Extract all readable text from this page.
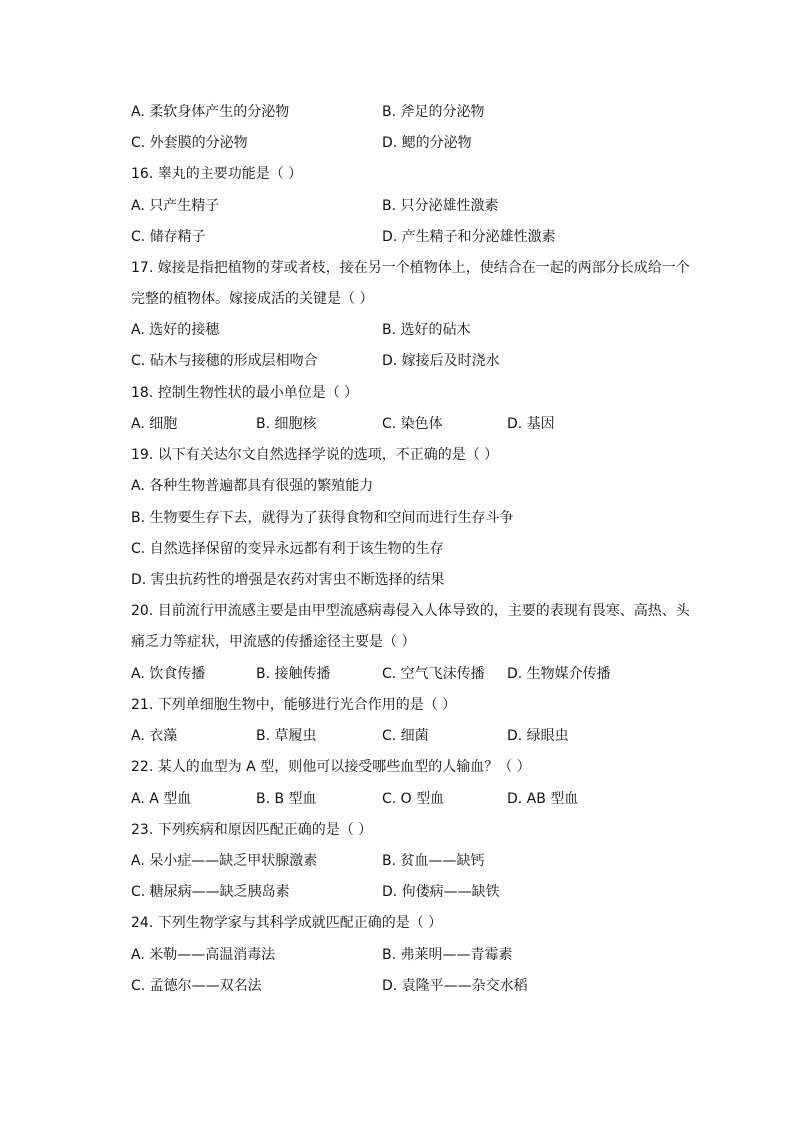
A. 柔软身体产生的分泌物	B. 斧足的分泌物
C. 外套膜的分泌物	D. 鳃的分泌物
16. 睾丸的主要功能是（ ）
A. 只产生精子	B. 只分泌雄性激素
C. 储存精子	D. 产生精子和分泌雄性激素
17. 嫁接是指把植物的芽或者枝，接在另一个植物体上，使结合在一起的两部分长成给一个
完整的植物体。嫁接成活的关键是（ ）
A. 选好的接穗	B. 选好的砧木
C. 砧木与接穗的形成层相吻合	D. 嫁接后及时浇水
18. 控制生物性状的最小单位是（ ）
A. 细胞	B. 细胞核	C. 染色体	D. 基因
19. 以下有关达尔文自然选择学说的选项，不正确的是（ ）
A. 各种生物普遍都具有很强的繁殖能力
B. 生物要生存下去，就得为了获得食物和空间而进行生存斗争
C. 自然选择保留的变异永远都有利于该生物的生存
D. 害虫抗药性的增强是农药对害虫不断选择的结果
20. 目前流行甲流感主要是由甲型流感病毒侵入人体导致的，主要的表现有畏寒、高热、头
痛乏力等症状，甲流感的传播途径主要是（ ）
A. 饮食传播	B. 接触传播	C. 空气飞沫传播 D. 生物媒介传播
21. 下列单细胞生物中，能够进行光合作用的是（ ）
A. 衣藻	B. 草履虫	C. 细菌	D. 绿眼虫
22. 某人的血型为 A 型，则他可以接受哪些血型的人输血？（ ）
A. A 型血	B. B 型血	C. O 型血	D. AB 型血
23. 下列疾病和原因匹配正确的是（ ）
A. 呆小症——缺乏甲状腺激素	B. 贫血——缺钙
C. 糖尿病——缺乏胰岛素	D. 佝偻病——缺铁
24. 下列生物学家与其科学成就匹配正确的是（ ）
A. 米勒——高温消毒法	B. 弗莱明——青霉素
C. 孟德尔——双名法	D. 袁隆平——杂交水稻
